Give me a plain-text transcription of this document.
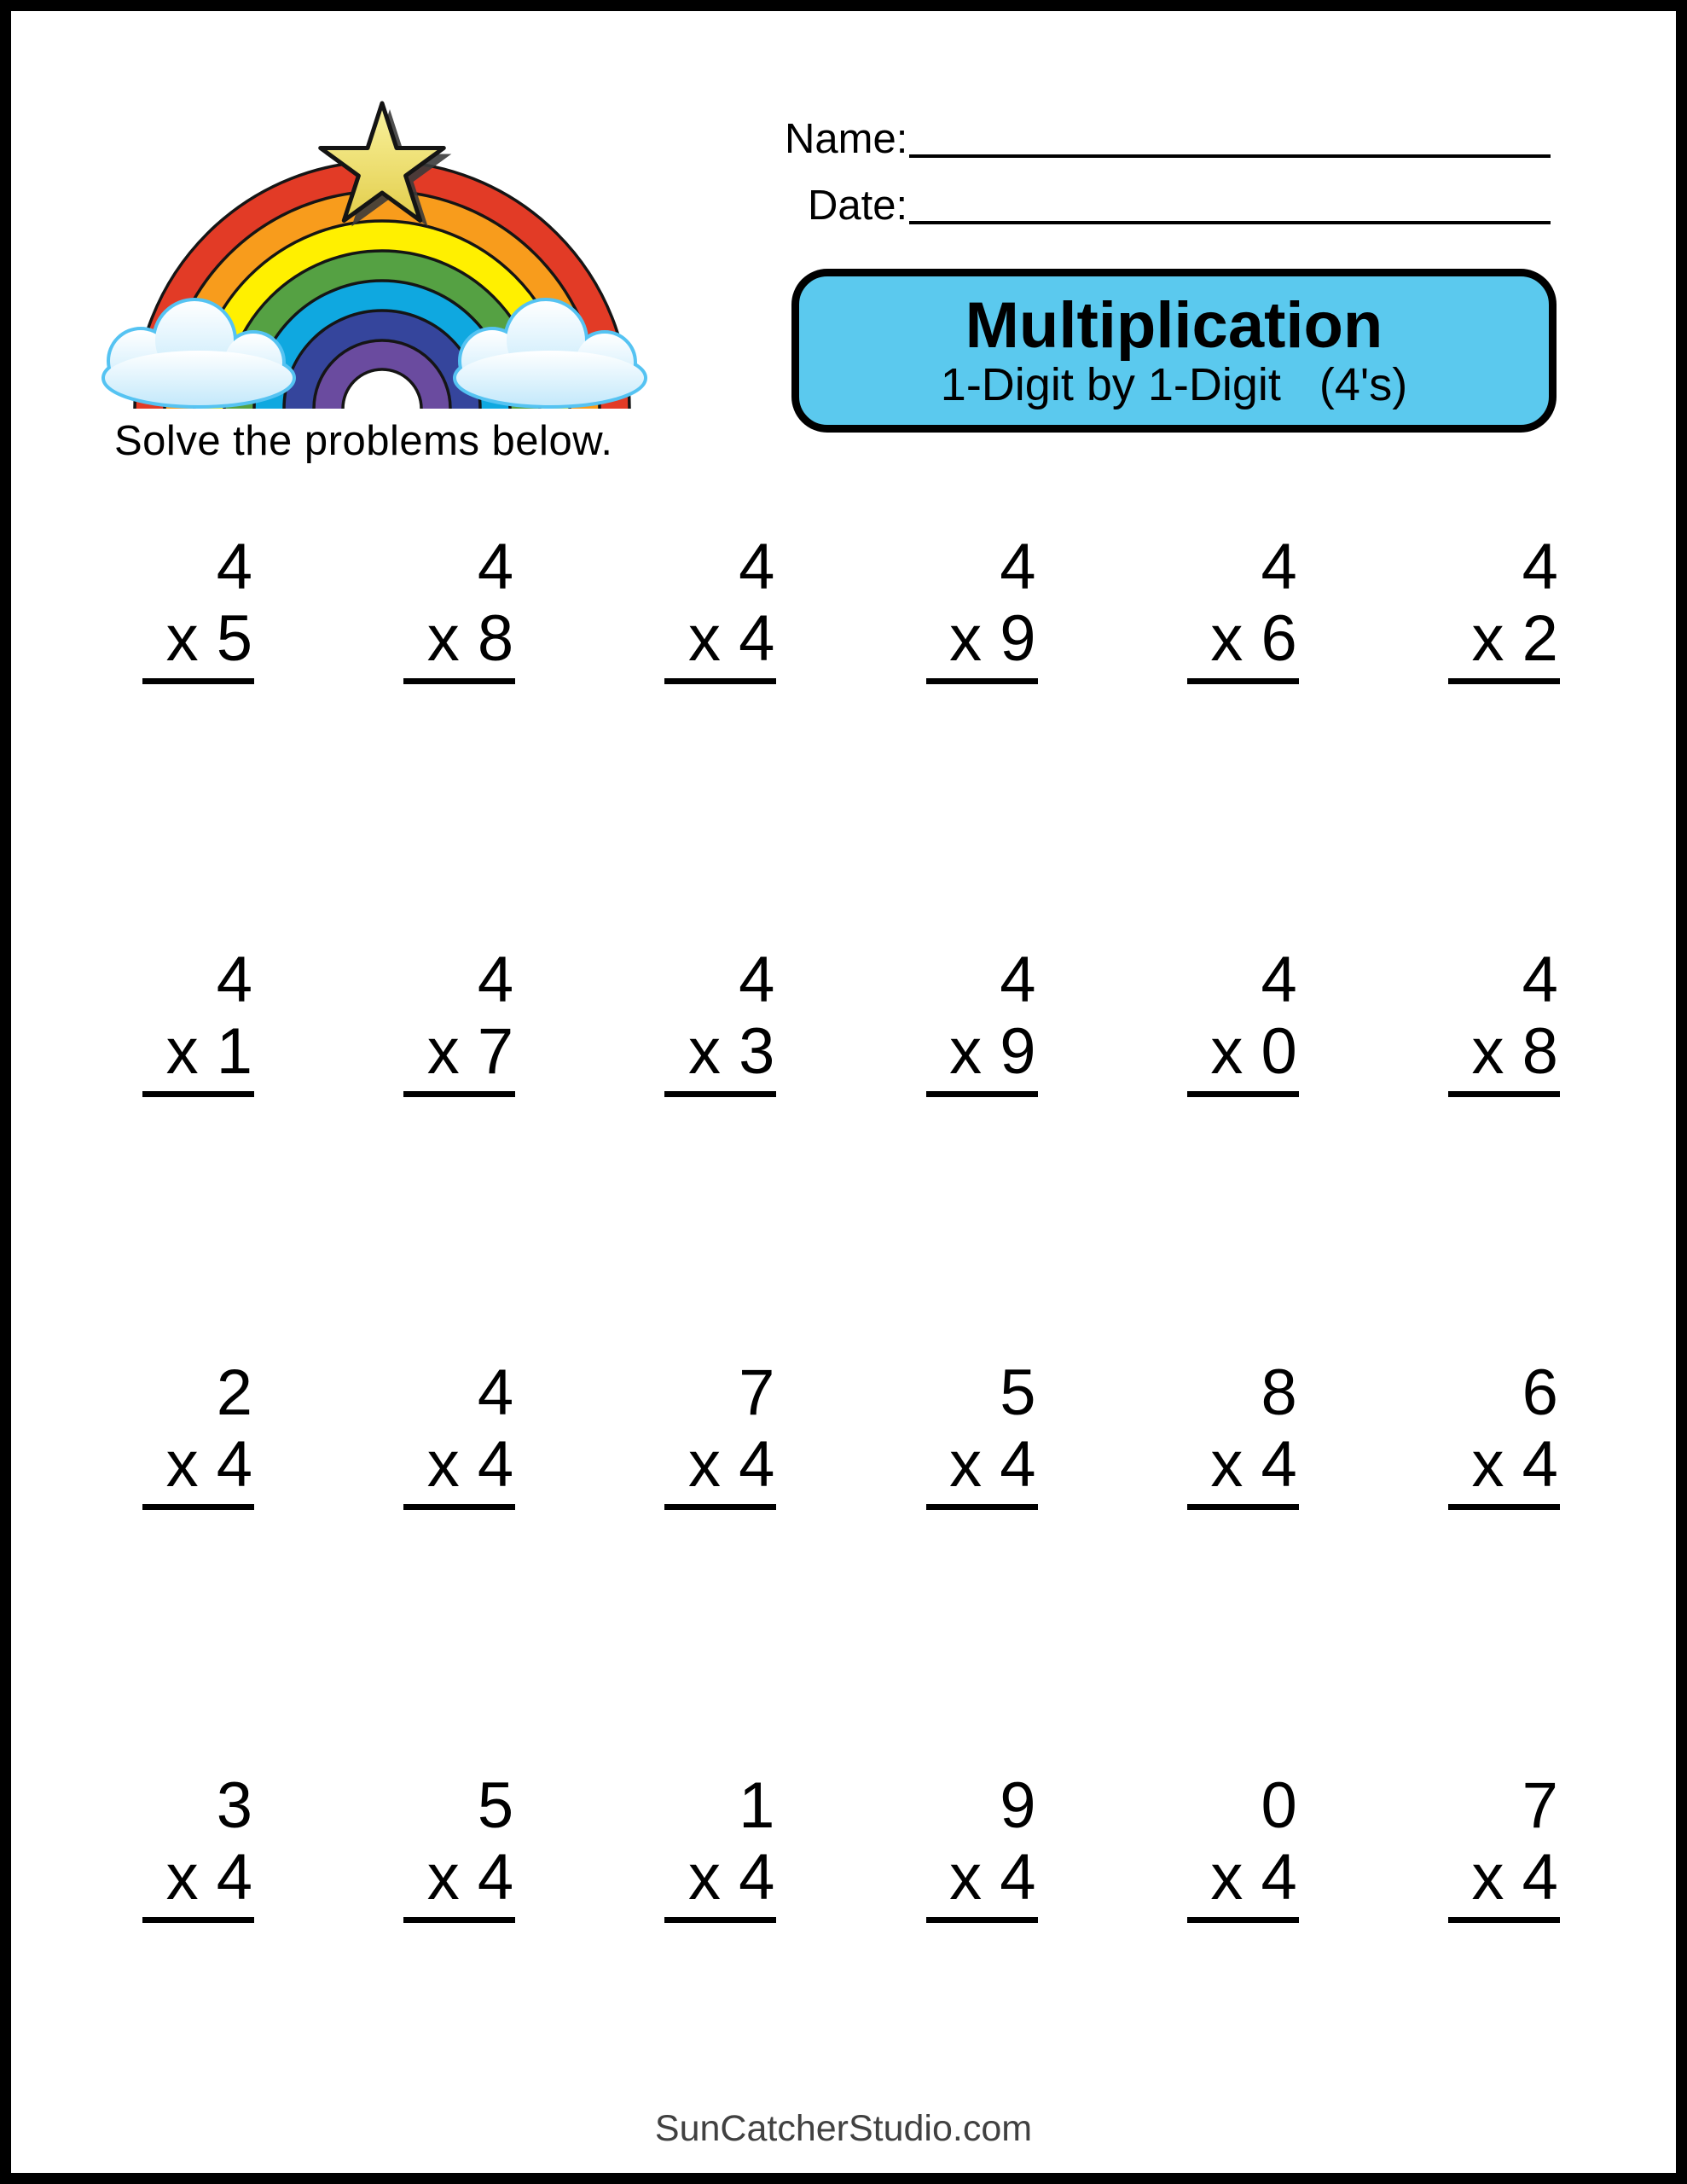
Solve the problems below.
Name:
Date:
Multiplication
1-Digit by 1-Digit   (4's)
4
x 5
4
x 8
4
x 4
4
x 9
4
x 6
4
x 2
4
x 1
4
x 7
4
x 3
4
x 9
4
x 0
4
x 8
2
x 4
4
x 4
7
x 4
5
x 4
8
x 4
6
x 4
3
x 4
5
x 4
1
x 4
9
x 4
0
x 4
7
x 4
SunCatcherStudio.com
